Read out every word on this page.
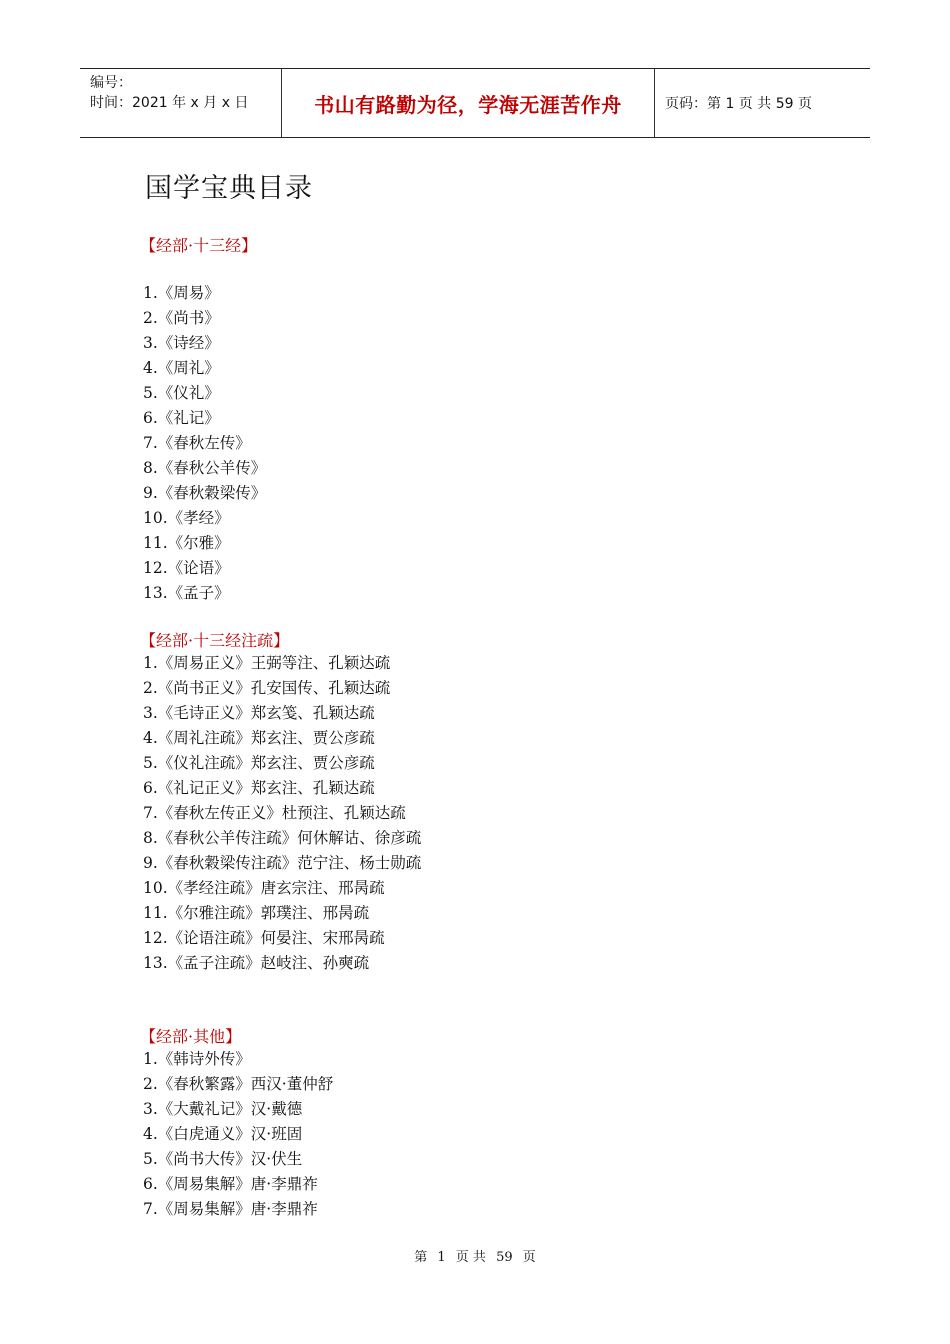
编号：
时间：2021 年 x 月 x 日	书山有路勤为径，学海无涯苦作舟	页码：第 1 页 共 59 页
国学宝典目录
【经部·十三经】
1.《周易》
2.《尚书》
3.《诗经》
4.《周礼》
5.《仪礼》
6.《礼记》
7.《春秋左传》
8.《春秋公羊传》
9.《春秋穀梁传》
10.《孝经》
11.《尔雅》
12.《论语》
13.《孟子》
【经部·十三经注疏】
1.《周易正义》王弼等注、孔颖达疏
2.《尚书正义》孔安国传、孔颖达疏
3.《毛诗正义》郑玄笺、孔颖达疏
4.《周礼注疏》郑玄注、贾公彦疏
5.《仪礼注疏》郑玄注、贾公彦疏
6.《礼记正义》郑玄注、孔颖达疏
7.《春秋左传正义》杜预注、孔颖达疏
8.《春秋公羊传注疏》何休解诂、徐彦疏
9.《春秋穀梁传注疏》范宁注、杨士勋疏
10.《孝经注疏》唐玄宗注、邢昺疏
11.《尔雅注疏》郭璞注、邢昺疏
12.《论语注疏》何晏注、宋邢昺疏
13.《孟子注疏》赵岐注、孙奭疏
【经部·其他】
1.《韩诗外传》
2.《春秋繁露》西汉·董仲舒
3.《大戴礼记》汉·戴德
4.《白虎通义》汉·班固
5.《尚书大传》汉·伏生
6.《周易集解》唐·李鼎祚
7.《周易集解》唐·李鼎祚
第 1 页 共 59 页
